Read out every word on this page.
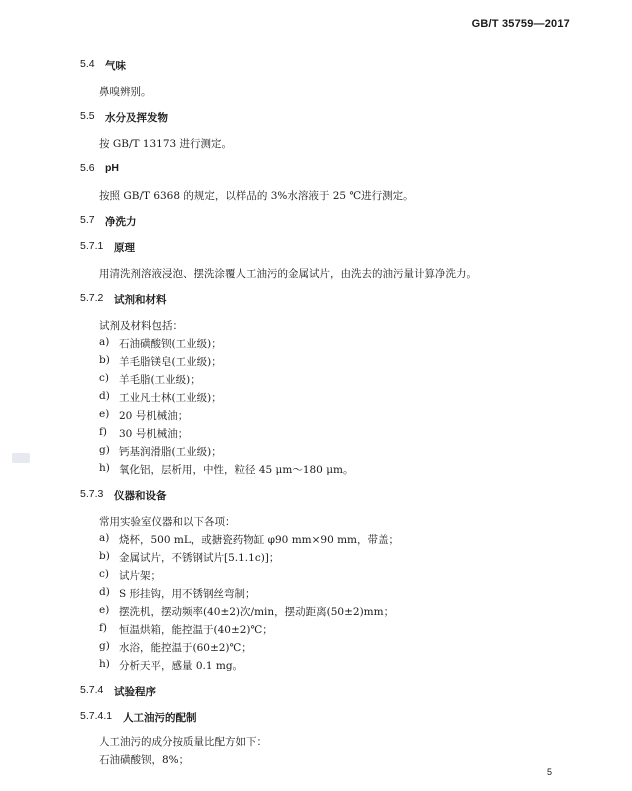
GB/T 35759—2017
5.4 气味
鼻嗅辨别。
5.5 水分及挥发物
按 GB/T 13173 进行测定。
5.6 pH
按照 GB/T 6368 的规定，以样品的 3%水溶液于 25 ℃进行测定。
5.7 净洗力
5.7.1 原理
用清洗剂溶液浸泡、摆洗涂覆人工油污的金属试片，由洗去的油污量计算净洗力。
5.7.2 试剂和材料
试剂及材料包括：
a) 石油磺酸钡(工业级)；
b) 羊毛脂镁皂(工业级)；
c) 羊毛脂(工业级)；
d) 工业凡士林(工业级)；
e) 20 号机械油；
f) 30 号机械油；
g) 钙基润滑脂(工业级)；
h) 氧化铝，层析用，中性，粒径 45 μm～180 μm。
5.7.3 仪器和设备
常用实验室仪器和以下各项：
a) 烧杯，500 mL，或搪瓷药物缸 φ90 mm×90 mm，带盖；
b) 金属试片，不锈钢试片[5.1.1c)]；
c) 试片架；
d) S 形挂钩，用不锈钢丝弯制；
e) 摆洗机，摆动频率(40±2)次/min，摆动距离(50±2)mm；
f) 恒温烘箱，能控温于(40±2)℃；
g) 水浴，能控温于(60±2)℃；
h) 分析天平，感量 0.1 mg。
5.7.4 试验程序
5.7.4.1 人工油污的配制
人工油污的成分按质量比配方如下：
石油磺酸钡，8%；
5
